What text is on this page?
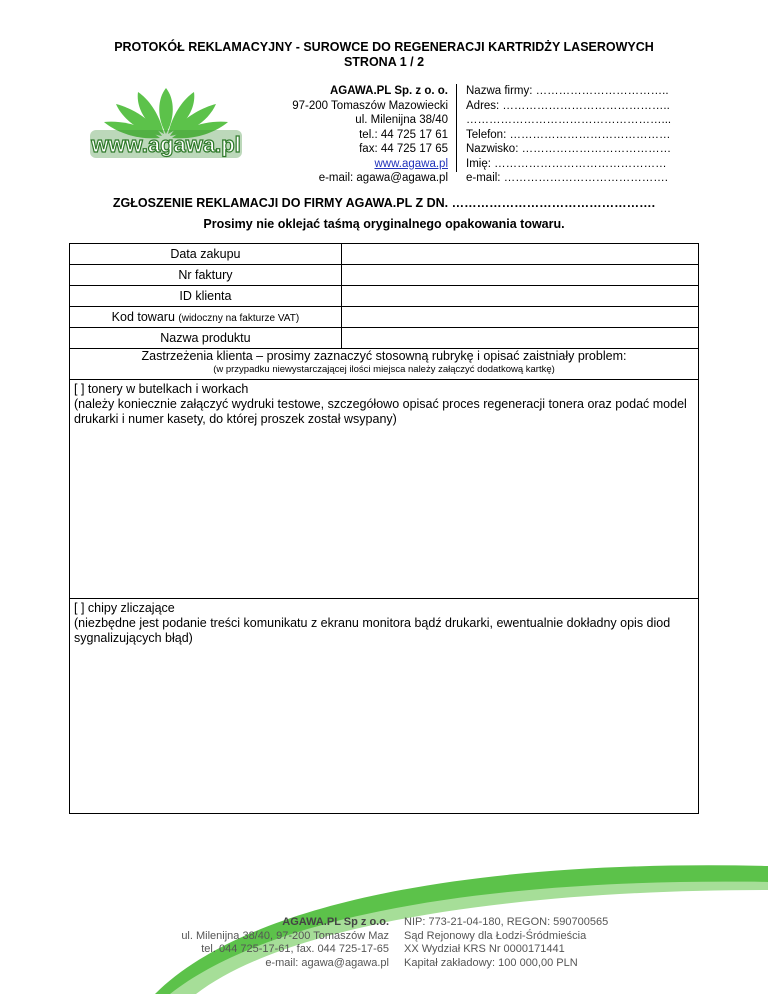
PROTOKÓŁ REKLAMACYJNY - SUROWCE DO REGENERACJI KARTRIDŻY LASEROWYCH
STRONA 1 / 2
www.agawa.pl
AGAWA.PL Sp. z o. o.
97-200 Tomaszów Mazowiecki
ul. Milenijna 38/40
tel.: 44 725 17 61
fax: 44 725 17 65
www.agawa.pl
e-mail: agawa@agawa.pl
Nazwa firmy: ……………………………..
Adres: ……………………………………..
……………………………………………...
Telefon: ……………………………………
Nazwisko: …………………………………
Imię: ………………………………………
e-mail: …………………………………….
ZGŁOSZENIE REKLAMACJI DO FIRMY AGAWA.PL Z DN. ………………………………………….
Prosimy nie oklejać taśmą oryginalnego opakowania towaru.
Data zakupu	
Nr faktury	
ID klienta	
Kod towaru (widoczny na fakturze VAT)	
Nazwa produktu	

Zastrzeżenia klienta – prosimy zaznaczyć stosowną rubrykę i opisać zaistniały problem:
(w przypadku niewystarczającej ilości miejsca należy załączyć dodatkową kartkę)	

[ ] tonery w butelkach i workach
(należy koniecznie załączyć wydruki testowe, szczegółowo opisać proces regeneracji tonera oraz podać model drukarki i numer kasety, do której proszek został wsypany)	

[ ] chipy zliczające
(niezbędne jest podanie treści komunikatu z ekranu monitora bądź drukarki, ewentualnie dokładny opis diod sygnalizujących błąd)	
AGAWA.PL Sp z o.o.
ul. Milenijna 38/40, 97-200 Tomaszów Maz
tel. 044 725-17-61, fax. 044 725-17-65
e-mail: agawa@agawa.pl
NIP: 773-21-04-180, REGON: 590700565
Sąd Rejonowy dla Łodzi-Śródmieścia
XX Wydział KRS Nr 0000171441
Kapitał zakładowy: 100 000,00 PLN
